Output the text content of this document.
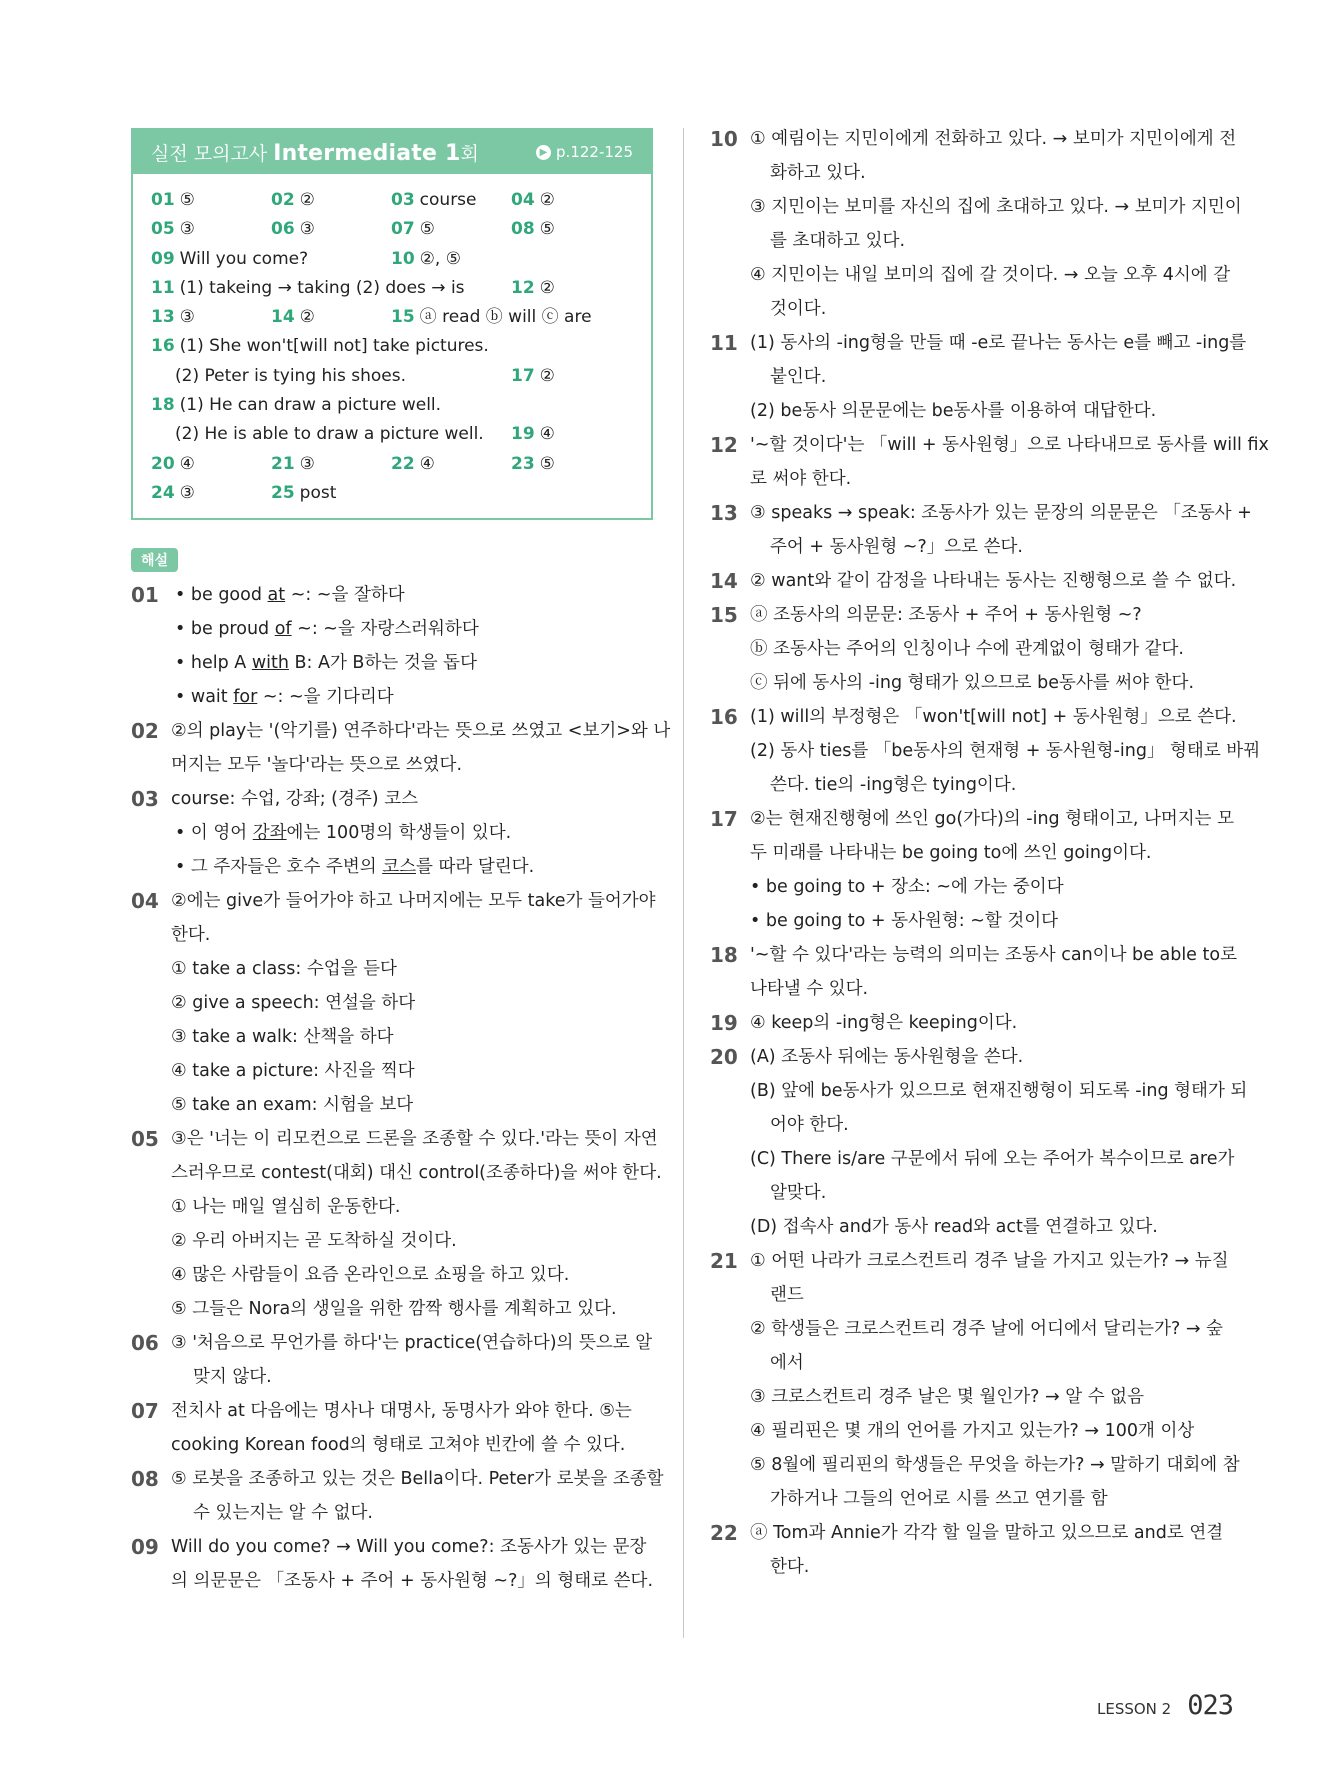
실전 모의고사 Intermediate 1회	▶ p.122-125
01 ⑤	02 ②	03 course	04 ②
05 ③	06 ③	07 ⑤	08 ⑤
09 Will you come?	10 ②, ⑤
11 (1) takeing → taking (2) does → is	12 ②
13 ③	14 ②	15 ⓐ read ⓑ will ⓒ are
16 (1) She won't[will not] take pictures.
(2) Peter is tying his shoes.	17 ②
18 (1) He can draw a picture well.
(2) He is able to draw a picture well.	19 ④
20 ④	21 ③	22 ④	23 ⑤
24 ③	25 post
해설
01
•	be good at ~: ~을 잘하다
• be proud of ~: ~을 자랑스러워하다
• help A with B: A가 B하는 것을 돕다
• wait for ~: ~을 기다리다
02 ②의 play는 '(악기를) 연주하다'라는 뜻으로 쓰였고 <보기>와 나
머지는 모두 '놀다'라는 뜻으로 쓰였다.
03 course: 수업, 강좌; (경주) 코스
• 이 영어 강좌에는 100명의 학생들이 있다.
• 그 주자들은 호수 주변의 코스를 따라 달린다.
04 ②에는 give가 들어가야 하고 나머지에는 모두 take가 들어가야
한다.
① take a class: 수업을 듣다
② give a speech: 연설을 하다
③ take a walk: 산책을 하다
④ take a picture: 사진을 찍다
⑤ take an exam: 시험을 보다
05 ③은 '너는 이 리모컨으로 드론을 조종할 수 있다.'라는 뜻이 자연
스러우므로 contest(대회) 대신 control(조종하다)을 써야 한다.
① 나는 매일 열심히 운동한다.
② 우리 아버지는 곧 도착하실 것이다.
④ 많은 사람들이 요즘 온라인으로 쇼핑을 하고 있다.
⑤ 그들은 Nora의 생일을 위한 깜짝 행사를 계획하고 있다.
06 ③ '처음으로 무언가를 하다'는 practice(연습하다)의 뜻으로 알
맞지 않다.
07 전치사 at 다음에는 명사나 대명사, 동명사가 와야 한다. ⑤는
cooking Korean food의 형태로 고쳐야 빈칸에 쓸 수 있다.
08 ⑤ 로봇을 조종하고 있는 것은 Bella이다. Peter가 로봇을 조종할
수 있는지는 알 수 없다.
09 Will do you come? → Will you come?: 조동사가 있는 문장
의 의문문은 「조동사 + 주어 + 동사원형 ~?」의 형태로 쓴다.
10 ① 예림이는 지민이에게 전화하고 있다. → 보미가 지민이에게 전
화하고 있다.
③ 지민이는 보미를 자신의 집에 초대하고 있다. → 보미가 지민이
를 초대하고 있다.
④ 지민이는 내일 보미의 집에 갈 것이다. → 오늘 오후 4시에 갈
것이다.
11 (1) 동사의 -ing형을 만들 때 -e로 끝나는 동사는 e를 빼고 -ing를
붙인다.
(2) be동사 의문문에는 be동사를 이용하여 대답한다.
12 '~할 것이다'는 「will + 동사원형」으로 나타내므로 동사를 will fix
로 써야 한다.
13 ③ speaks → speak: 조동사가 있는 문장의 의문문은 「조동사 +
주어 + 동사원형 ~?」으로 쓴다.
14 ② want와 같이 감정을 나타내는 동사는 진행형으로 쓸 수 없다.
15 ⓐ 조동사의 의문문: 조동사 + 주어 + 동사원형 ~?
ⓑ 조동사는 주어의 인칭이나 수에 관계없이 형태가 같다.
ⓒ 뒤에 동사의 -ing 형태가 있으므로 be동사를 써야 한다.
16 (1) will의 부정형은 「won't[will not] + 동사원형」으로 쓴다.
(2) 동사 ties를 「be동사의 현재형 + 동사원형-ing」 형태로 바꿔
쓴다. tie의 -ing형은 tying이다.
17 ②는 현재진행형에 쓰인 go(가다)의 -ing 형태이고, 나머지는 모
두 미래를 나타내는 be going to에 쓰인 going이다.
• be going to + 장소: ~에 가는 중이다
• be going to + 동사원형: ~할 것이다
18 '~할 수 있다'라는 능력의 의미는 조동사 can이나 be able to로
나타낼 수 있다.
19 ④ keep의 -ing형은 keeping이다.
20 (A) 조동사 뒤에는 동사원형을 쓴다.
(B) 앞에 be동사가 있으므로 현재진행형이 되도록 -ing 형태가 되
어야 한다.
(C) There is/are 구문에서 뒤에 오는 주어가 복수이므로 are가
알맞다.
(D) 접속사 and가 동사 read와 act를 연결하고 있다.
21 ① 어떤 나라가 크로스컨트리 경주 날을 가지고 있는가? → 뉴질
랜드
② 학생들은 크로스컨트리 경주 날에 어디에서 달리는가? → 숲
에서
③ 크로스컨트리 경주 날은 몇 월인가? → 알 수 없음
④ 필리핀은 몇 개의 언어를 가지고 있는가? → 100개 이상
⑤ 8월에 필리핀의 학생들은 무엇을 하는가? → 말하기 대회에 참
가하거나 그들의 언어로 시를 쓰고 연기를 함
22 ⓐ Tom과 Annie가 각각 할 일을 말하고 있으므로 and로 연결
한다.
LESSON 2 023
